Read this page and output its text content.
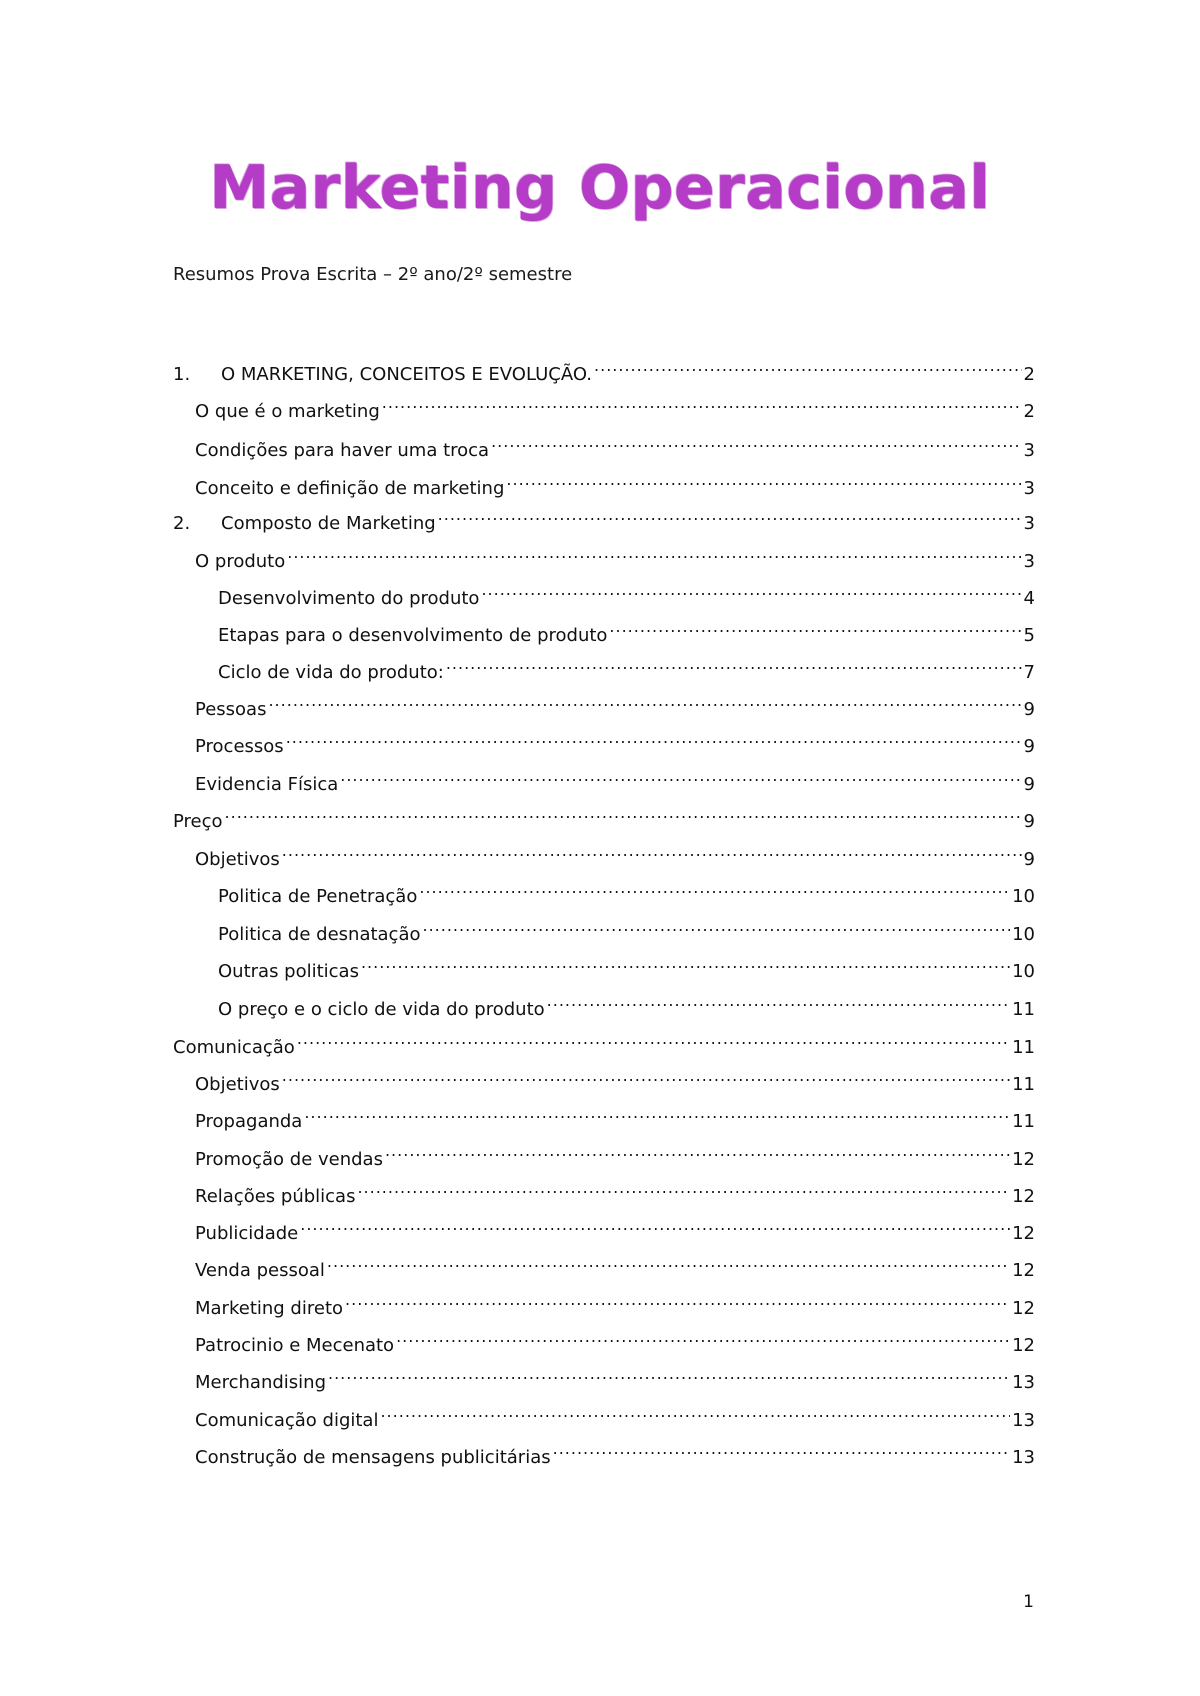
Marketing Operacional
Resumos Prova Escrita – 2º ano/2º semestre
1.	O MARKETING, CONCEITOS E EVOLUÇÃO. .....	2
O que é o marketing .....	2
Condições para haver uma troca .....	3
Conceito e definição de marketing .....	3
2.	Composto de Marketing .....	3
O produto .....	3
Desenvolvimento do produto .....	4
Etapas para o desenvolvimento de produto .....	5
Ciclo de vida do produto: .....	7
Pessoas .....	9
Processos .....	9
Evidencia Física .....	9
Preço .....	9
Objetivos .....	9
Politica de Penetração .....	10
Politica de desnatação .....	10
Outras politicas .....	10
O preço e o ciclo de vida do produto .....	11
Comunicação .....	11
Objetivos .....	11
Propaganda .....	11
Promoção de vendas .....	12
Relações públicas .....	12
Publicidade .....	12
Venda pessoal .....	12
Marketing direto .....	12
Patrocinio e Mecenato .....	12
Merchandising .....	13
Comunicação digital .....	13
Construção de mensagens publicitárias .....	13
1
